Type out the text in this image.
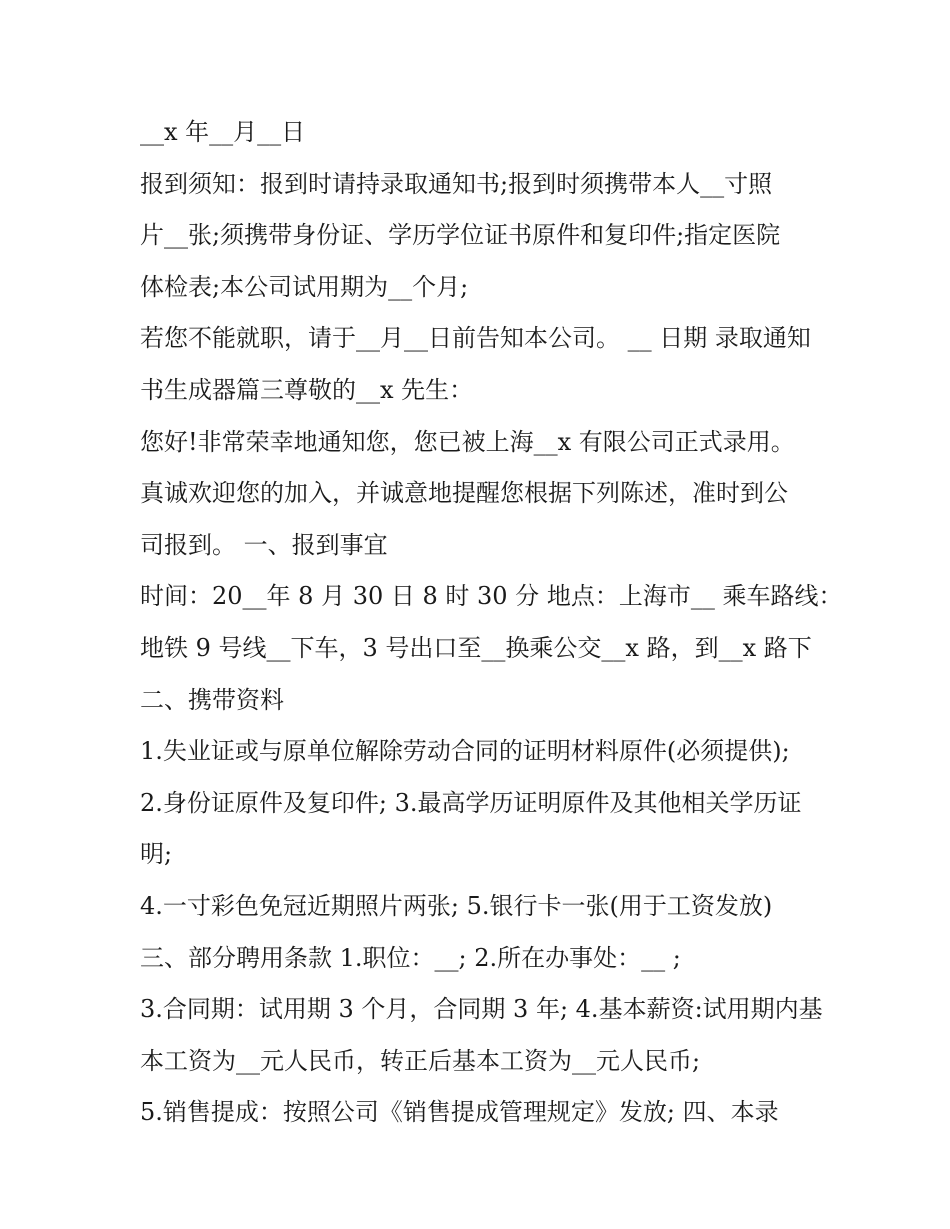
__x 年__月__日
报到须知：报到时请持录取通知书;报到时须携带本人__寸照
片__张;须携带身份证、学历学位证书原件和复印件;指定医院
体检表;本公司试用期为__个月;
若您不能就职，请于__月__日前告知本公司。 __ 日期 录取通知
书生成器篇三尊敬的__x 先生：
您好!非常荣幸地通知您，您已被上海__x 有限公司正式录用。
真诚欢迎您的加入，并诚意地提醒您根据下列陈述，准时到公
司报到。 一、报到事宜
时间：20__年 8 月 30 日 8 时 30 分 地点：上海市__ 乘车路线：
地铁 9 号线__下车，3 号出口至__换乘公交__x 路，到__x 路下
二、携带资料
1.失业证或与原单位解除劳动合同的证明材料原件(必须提供);
2.身份证原件及复印件; 3.最高学历证明原件及其他相关学历证
明;
4.一寸彩色免冠近期照片两张; 5.银行卡一张(用于工资发放)
三、部分聘用条款 1.职位：__; 2.所在办事处：__ ;
3.合同期：试用期 3 个月，合同期 3 年; 4.基本薪资:试用期内基
本工资为__元人民币，转正后基本工资为__元人民币;
5.销售提成：按照公司《销售提成管理规定》发放; 四、本录
